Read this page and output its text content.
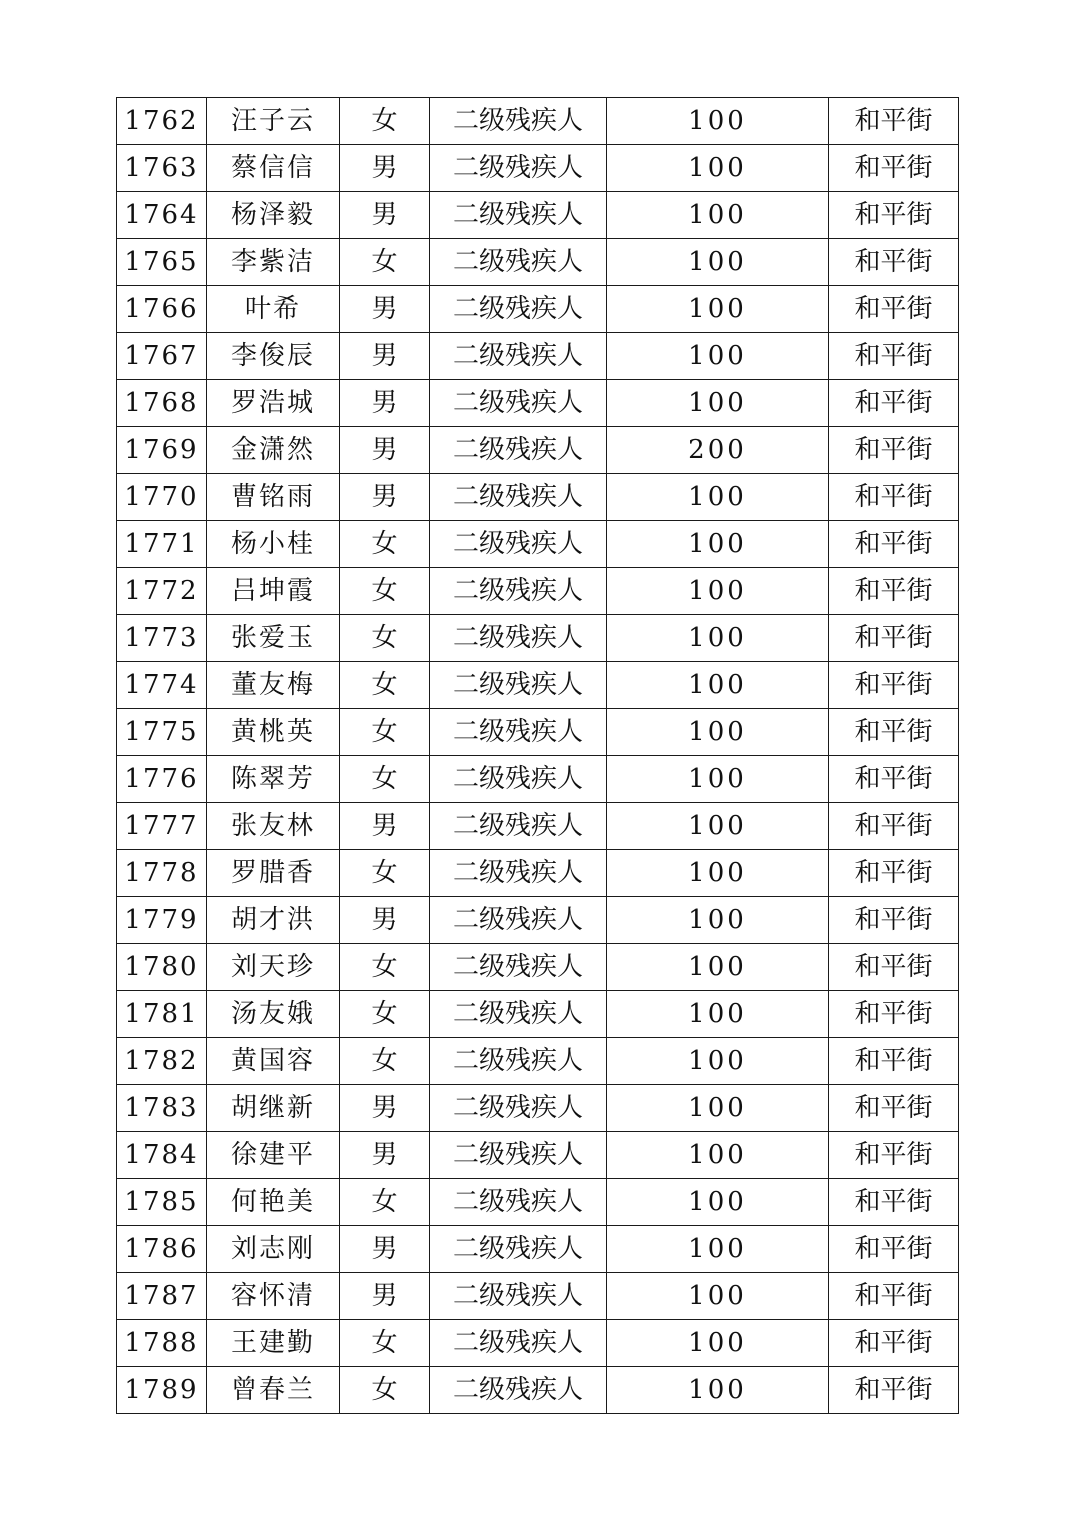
1762	汪子云	女	二级残疾人	100	和平街
1763	蔡信信	男	二级残疾人	100	和平街
1764	杨泽毅	男	二级残疾人	100	和平街
1765	李紫洁	女	二级残疾人	100	和平街
1766	叶希	男	二级残疾人	100	和平街
1767	李俊辰	男	二级残疾人	100	和平街
1768	罗浩城	男	二级残疾人	100	和平街
1769	金潇然	男	二级残疾人	200	和平街
1770	曹铭雨	男	二级残疾人	100	和平街
1771	杨小桂	女	二级残疾人	100	和平街
1772	吕坤霞	女	二级残疾人	100	和平街
1773	张爱玉	女	二级残疾人	100	和平街
1774	董友梅	女	二级残疾人	100	和平街
1775	黄桃英	女	二级残疾人	100	和平街
1776	陈翠芳	女	二级残疾人	100	和平街
1777	张友林	男	二级残疾人	100	和平街
1778	罗腊香	女	二级残疾人	100	和平街
1779	胡才洪	男	二级残疾人	100	和平街
1780	刘天珍	女	二级残疾人	100	和平街
1781	汤友娥	女	二级残疾人	100	和平街
1782	黄国容	女	二级残疾人	100	和平街
1783	胡继新	男	二级残疾人	100	和平街
1784	徐建平	男	二级残疾人	100	和平街
1785	何艳美	女	二级残疾人	100	和平街
1786	刘志刚	男	二级残疾人	100	和平街
1787	容怀清	男	二级残疾人	100	和平街
1788	王建勤	女	二级残疾人	100	和平街
1789	曾春兰	女	二级残疾人	100	和平街
